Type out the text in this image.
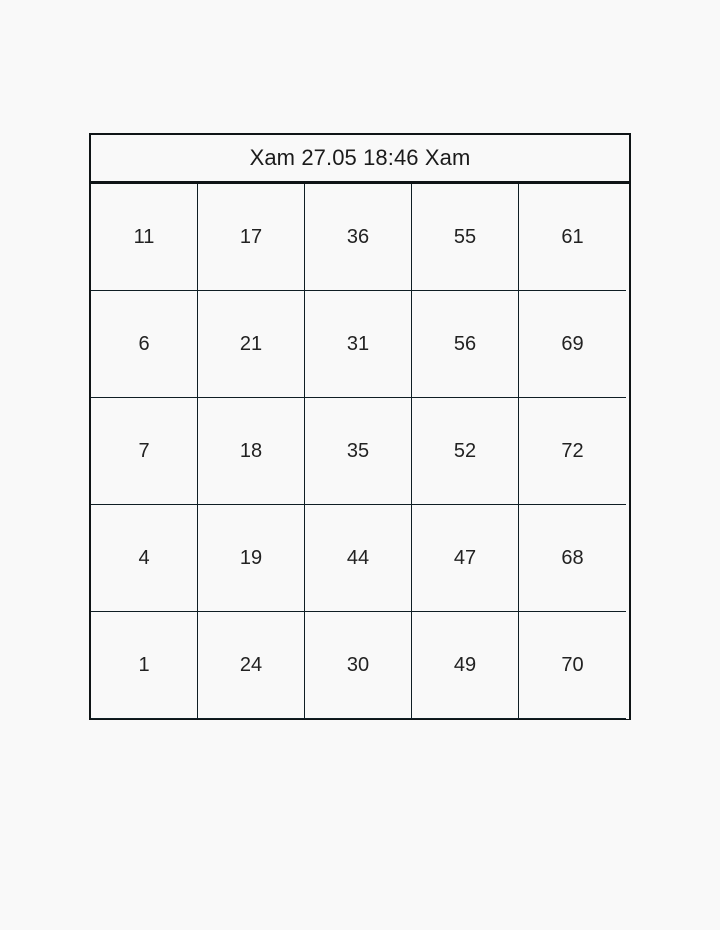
Xam 27.05 18:46 Xam
11	17	36	55	61
6	21	31	56	69
7	18	35	52	72
4	19	44	47	68
1	24	30	49	70
